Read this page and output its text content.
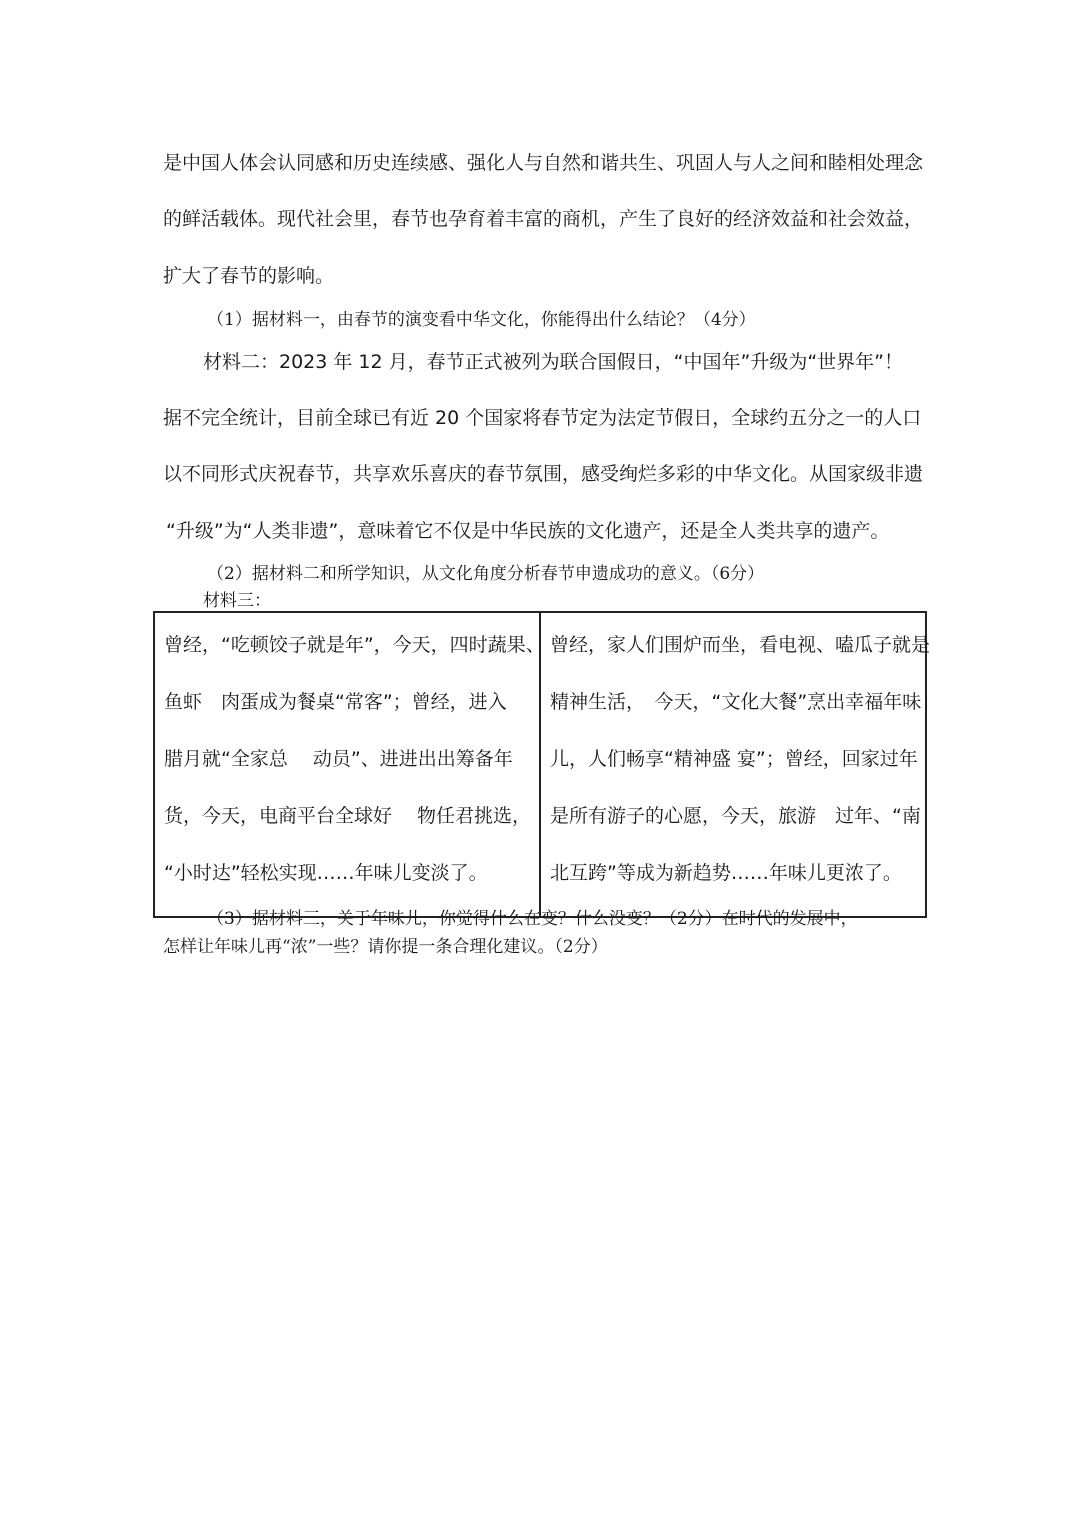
是中国人体会认同感和历史连续感、强化人与自然和谐共生、巩固人与人之间和睦相处理念
的鲜活载体。现代社会里，春节也孕育着丰富的商机，产生了良好的经济效益和社会效益，
扩大了春节的影响。
（1）据材料一，由春节的演变看中华文化，你能得出什么结论？（4分）
材料二：2023 年 12 月，春节正式被列为联合国假日，“中国年”升级为“世界年”！
据不完全统计，目前全球已有近 20 个国家将春节定为法定节假日，全球约五分之一的人口
以不同形式庆祝春节，共享欢乐喜庆的春节氛围，感受绚烂多彩的中华文化。从国家级非遗
“升级”为“人类非遗”，意味着它不仅是中华民族的文化遗产，还是全人类共享的遗产。
（2）据材料二和所学知识，从文化角度分析春节申遗成功的意义。（6分）
材料三：
曾经，“吃顿饺子就是年”，今天，四时蔬果、
鱼虾　肉蛋成为餐桌“常客”；曾经，进入
腊月就“全家总　 动员”、进进出出筹备年
货，今天，电商平台全球好　 物任君挑选，
“小时达”轻松实现……年味儿变淡了。

曾经，家人们围炉而坐，看电视、嗑瓜子就是
精神生活，　今天，“文化大餐”烹出幸福年味
儿，人们畅享“精神盛 宴”；曾经，回家过年
是所有游子的心愿，今天，旅游　过年、“南
北互跨”等成为新趋势……年味儿更浓了。
（3）据材料三，关于年味儿，你觉得什么在变？什么没变？（2分）在时代的发展中，
怎样让年味儿再“浓”一些？请你提一条合理化建议。（2分）
